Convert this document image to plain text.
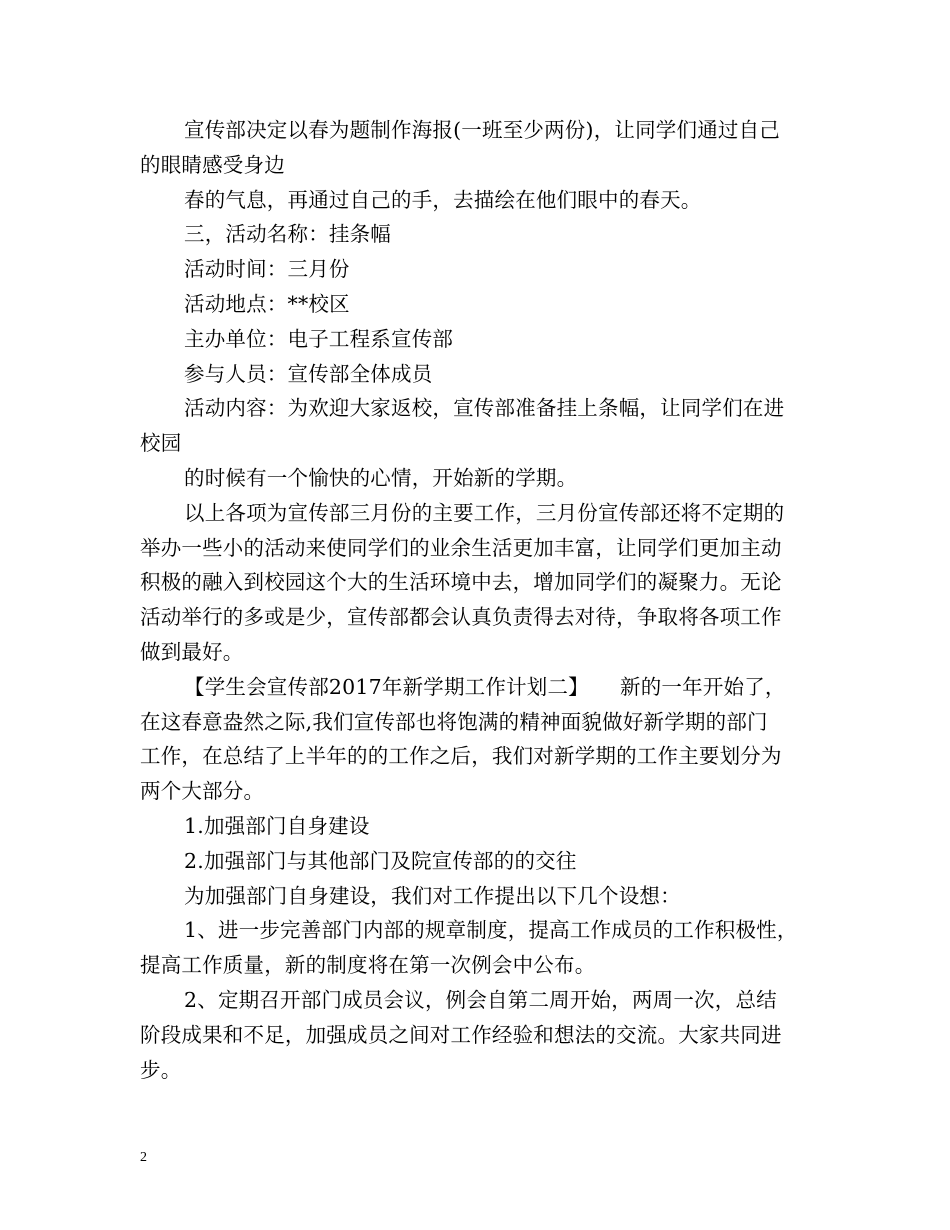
宣传部决定以春为题制作海报(一班至少两份)，让同学们通过自己
的眼睛感受身边
春的气息，再通过自己的手，去描绘在他们眼中的春天。
三，活动名称：挂条幅
活动时间：三月份
活动地点：**校区
主办单位：电子工程系宣传部
参与人员：宣传部全体成员
活动内容：为欢迎大家返校，宣传部准备挂上条幅，让同学们在进
校园
的时候有一个愉快的心情，开始新的学期。
以上各项为宣传部三月份的主要工作，三月份宣传部还将不定期的
举办一些小的活动来使同学们的业余生活更加丰富，让同学们更加主动
积极的融入到校园这个大的生活环境中去，增加同学们的凝聚力。无论
活动举行的多或是少，宣传部都会认真负责得去对待，争取将各项工作
做到最好。
【学生会宣传部2017年新学期工作计划二】　　新的一年开始了，
在这春意盎然之际,我们宣传部也将饱满的精神面貌做好新学期的部门
工作，在总结了上半年的的工作之后，我们对新学期的工作主要划分为
两个大部分。
1.加强部门自身建设
2.加强部门与其他部门及院宣传部的的交往
为加强部门自身建设，我们对工作提出以下几个设想：
1、进一步完善部门内部的规章制度，提高工作成员的工作积极性，
提高工作质量，新的制度将在第一次例会中公布。
2、定期召开部门成员会议，例会自第二周开始，两周一次，总结
阶段成果和不足，加强成员之间对工作经验和想法的交流。大家共同进
步。
2
